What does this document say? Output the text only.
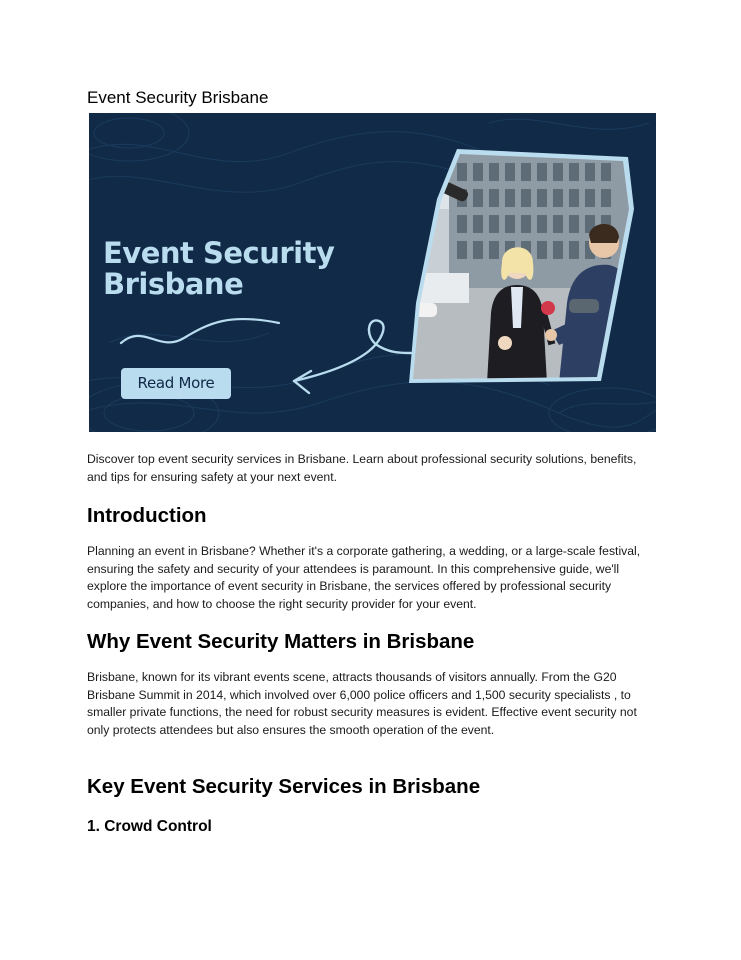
Event Security Brisbane
Event Security
Brisbane
Read More

Discover top event security services in Brisbane. Learn about professional security solutions, benefits, and tips for ensuring safety at your next event.

Introduction

Planning an event in Brisbane? Whether it's a corporate gathering, a wedding, or a large-scale festival, ensuring the safety and security of your attendees is paramount. In this comprehensive guide, we'll explore the importance of event security in Brisbane, the services offered by professional security companies, and how to choose the right security provider for your event.

Why Event Security Matters in Brisbane

Brisbane, known for its vibrant events scene, attracts thousands of visitors annually. From the G20 Brisbane Summit in 2014, which involved over 6,000 police officers and 1,500 security specialists , to smaller private functions, the need for robust security measures is evident. Effective event security not only protects attendees but also ensures the smooth operation of the event.

Key Event Security Services in Brisbane
1. Crowd Control
